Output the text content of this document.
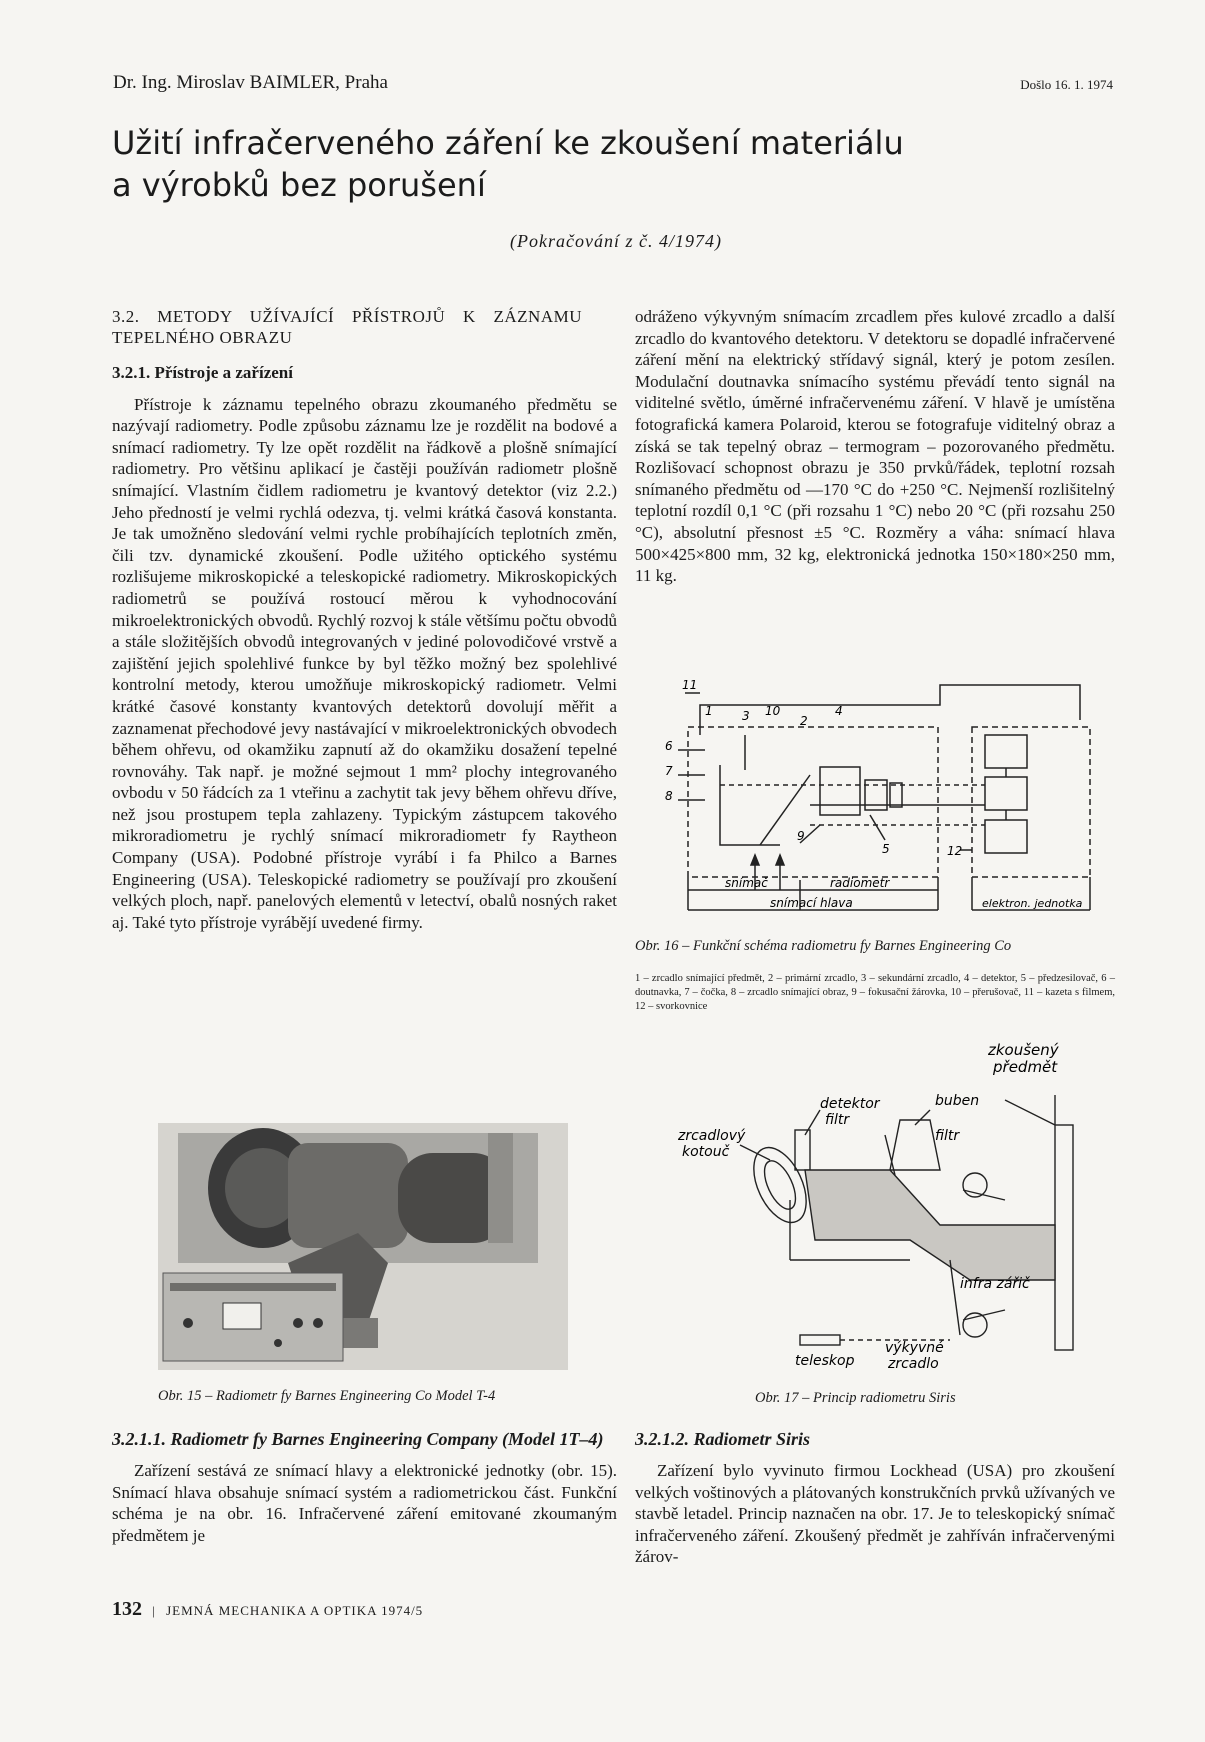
Dr. Ing. Miroslav BAIMLER, Praha	Došlo 16. 1. 1974
Užití infračerveného záření ke zkoušení materiálu
a výrobků bez porušení
(Pokračování z č. 4/1974)
3.2. METODY UŽÍVAJÍCÍ PŘÍSTROJŮ K ZÁZNAMU TEPELNÉHO OBRAZU
3.2.1. Přístroje a zařízení

Přístroje k záznamu tepelného obrazu zkoumaného předmětu se nazývají radiometry. Podle způsobu záznamu lze je rozdělit na bodové a snímací radiometry. Ty lze opět rozdělit na řádkově a plošně snímající radiometry. Pro většinu aplikací je častěji používán radiometr plošně snímající. Vlastním čidlem radiometru je kvantový detektor (viz 2.2.) Jeho předností je velmi rychlá odezva, tj. velmi krátká časová konstanta. Je tak umožněno sledování velmi rychle probíhajících teplotních změn, čili tzv. dynamické zkoušení. Podle užitého optického systému rozlišujeme mikroskopické a teleskopické radiometry. Mikroskopických radiometrů se používá rostoucí měrou k vyhodnocování mikroelektronických obvodů. Rychlý rozvoj k stále většímu počtu obvodů a stále složitějších obvodů integrovaných v jediné polovodičové vrstvě a zajištění jejich spolehlivé funkce by byl těžko možný bez spolehlivé kontrolní metody, kterou umožňuje mikroskopický radiometr. Velmi krátké časové konstanty kvantových detektorů dovolují měřit a zaznamenat přechodové jevy nastávající v mikroelektronických obvodech během ohřevu, od okamžiku zapnutí až do okamžiku dosažení tepelné rovnováhy. Tak např. je možné sejmout 1 mm² plochy integrovaného ovbodu v 50 řádcích za 1 vteřinu a zachytit tak jevy během ohřevu dříve, než jsou prostupem tepla zahlazeny. Typickým zástupcem takového mikroradiometru je rychlý snímací mikroradiometr fy Raytheon Company (USA). Podobné přístroje vyrábí i fa Philco a Barnes Engineering (USA). Teleskopické radiometry se používají pro zkoušení velkých ploch, např. panelových elementů v letectví, obalů nosných raket aj. Také tyto přístroje vyrábějí uvedené firmy.

Obr. 15 – Radiometr fy Barnes Engineering Co Model T-4
3.2.1.1. Radiometr fy Barnes Engineering Company (Model 1T–4)

Zařízení sestává ze snímací hlavy a elektronické jednotky (obr. 15). Snímací hlava obsahuje snímací systém a radiometrickou část. Funkční schéma je na obr. 16. Infračervené záření emitované zkoumaným předmětem je

odráženo výkyvným snímacím zrcadlem přes kulové zrcadlo a další zrcadlo do kvantového detektoru. V detektoru se dopadlé infračervené záření mění na elektrický střídavý signál, který je potom zesílen. Modulační doutnavka snímacího systému převádí tento signál na viditelné světlo, úměrné infračervenému záření. V hlavě je umístěna fotografická kamera Polaroid, kterou se fotografuje viditelný obraz a získá se tak tepelný obraz – termogram – pozorovaného předmětu. Rozlišovací schopnost obrazu je 350 prvků/řádek, teplotní rozsah snímaného předmětu od —170 °C do +250 °C. Nejmenší rozlišitelný teplotní rozdíl 0,1 °C (při rozsahu 1 °C) nebo 20 °C (při rozsahu 250 °C), absolutní přesnost ±5 °C. Rozměry a váha: snímací hlava 500×425×800 mm, 32 kg, elektronická jednotka 150×180×250 mm, 11 kg.

11
1 3 10
2
4
6
7
8
9
5	12
snímač	radiometr
snímací hlava	elektron. jednotka
Obr. 16 – Funkční schéma radiometru fy Barnes Engineering Co
1 – zrcadlo snímající předmět, 2 – primární zrcadlo, 3 – sekundární zrcadlo, 4 – detektor, 5 – předzesilovač, 6 – doutnavka, 7 – čočka, 8 – zrcadlo snímající obraz, 9 – fokusační žárovka, 10 – přerušovač, 11 – kazeta s filmem, 12 – svorkovnice
zkoušený
předmět
detektor
filtr
buben
filtr
zrcadlový
kotouč
infra zářič
teleskop
výkyvné
zrcadlo
Obr. 17 – Princip radiometru Siris
3.2.1.2. Radiometr Siris

Zařízení bylo vyvinuto firmou Lockhead (USA) pro zkoušení velkých voštinových a plátovaných konstrukčních prvků užívaných ve stavbě letadel. Princip naznačen na obr. 17. Je to teleskopický snímač infračerveného záření. Zkoušený předmět je zahříván infračervenými žárov-

132 | JEMNÁ MECHANIKA A OPTIKA 1974/5
